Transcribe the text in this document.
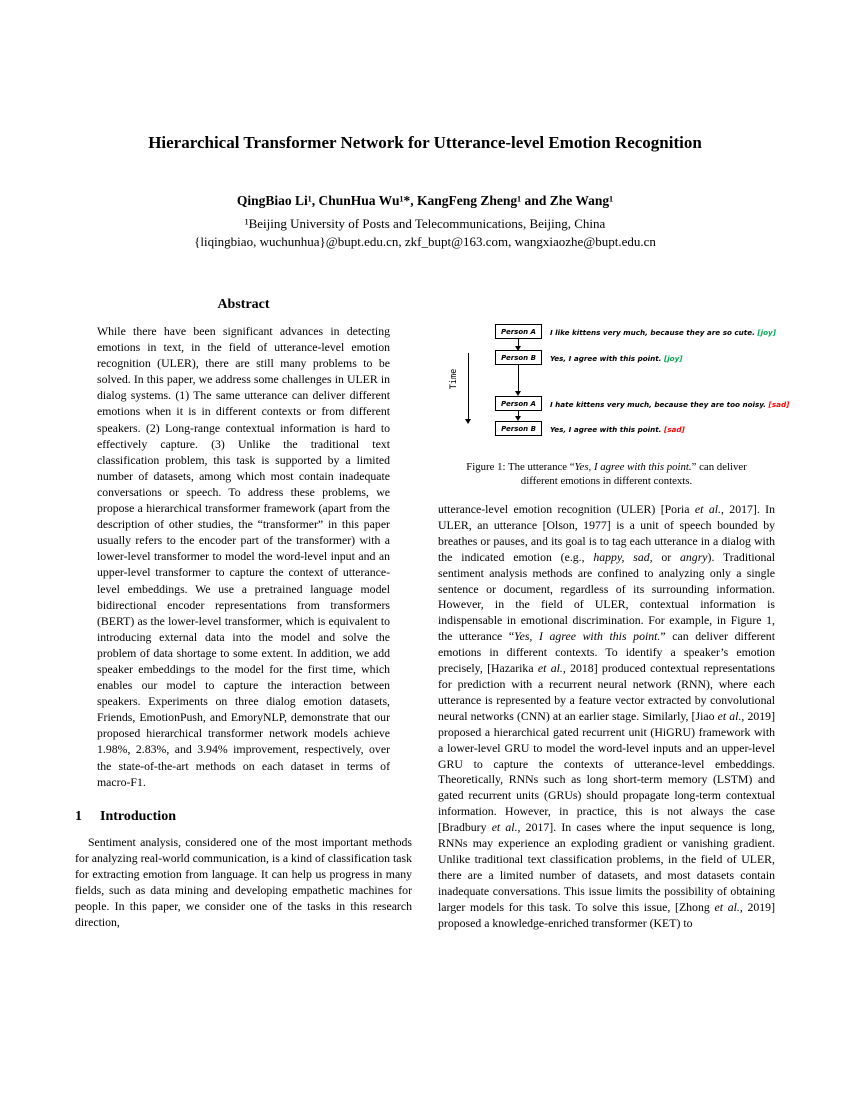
Hierarchical Transformer Network for Utterance-level Emotion Recognition
QingBiao Li¹, ChunHua Wu¹*, KangFeng Zheng¹ and Zhe Wang¹
¹Beijing University of Posts and Telecommunications, Beijing, China
{liqingbiao, wuchunhua}@bupt.edu.cn, zkf_bupt@163.com, wangxiaozhe@bupt.edu.cn
Abstract

While there have been significant advances in detecting emotions in text, in the field of utterance-level emotion recognition (ULER), there are still many problems to be solved. In this paper, we address some challenges in ULER in dialog systems. (1) The same utterance can deliver different emotions when it is in different contexts or from different speakers. (2) Long-range contextual information is hard to effectively capture. (3) Unlike the traditional text classification problem, this task is supported by a limited number of datasets, among which most contain inadequate conversations or speech. To address these problems, we propose a hierarchical transformer framework (apart from the description of other studies, the “transformer” in this paper usually refers to the encoder part of the transformer) with a lower-level transformer to model the word-level input and an upper-level transformer to capture the context of utterance-level embeddings. We use a pretrained language model bidirectional encoder representations from transformers (BERT) as the lower-level transformer, which is equivalent to introducing external data into the model and solve the problem of data shortage to some extent. In addition, we add speaker embeddings to the model for the first time, which enables our model to capture the interaction between speakers. Experiments on three dialog emotion datasets, Friends, EmotionPush, and EmoryNLP, demonstrate that our proposed hierarchical transformer network models achieve 1.98%, 2.83%, and 3.94% improvement, respectively, over the state-of-the-art methods on each dataset in terms of macro-F1.

1 Introduction

Sentiment analysis, considered one of the most important methods for analyzing real-world communication, is a kind of classification task for extracting emotion from language. It can help us progress in many fields, such as data mining and developing empathetic machines for people. In this paper, we consider one of the tasks in this research direction,

Time
Person A	I like kittens very much, because they are so cute. [joy]
Person B	Yes, I agree with this point. [joy]
Person A	I hate kittens very much, because they are too noisy. [sad]
Person B	Yes, I agree with this point. [sad]
Figure 1: The utterance “Yes, I agree with this point.” can deliver different emotions in different contexts.
utterance-level emotion recognition (ULER) [Poria et al., 2017]. In ULER, an utterance [Olson, 1977] is a unit of speech bounded by breathes or pauses, and its goal is to tag each utterance in a dialog with the indicated emotion (e.g., happy, sad, or angry). Traditional sentiment analysis methods are confined to analyzing only a single sentence or document, regardless of its surrounding information. However, in the field of ULER, contextual information is indispensable in emotional discrimination. For example, in Figure 1, the utterance “Yes, I agree with this point.” can deliver different emotions in different contexts. To identify a speaker’s emotion precisely, [Hazarika et al., 2018] produced contextual representations for prediction with a recurrent neural network (RNN), where each utterance is represented by a feature vector extracted by convolutional neural networks (CNN) at an earlier stage. Similarly, [Jiao et al., 2019] proposed a hierarchical gated recurrent unit (HiGRU) framework with a lower-level GRU to model the word-level inputs and an upper-level GRU to capture the contexts of utterance-level embeddings. Theoretically, RNNs such as long short-term memory (LSTM) and gated recurrent units (GRUs) should propagate long-term contextual information. However, in practice, this is not always the case [Bradbury et al., 2017]. In cases where the input sequence is long, RNNs may experience an exploding gradient or vanishing gradient. Unlike traditional text classification problems, in the field of ULER, there are a limited number of datasets, and most datasets contain inadequate conversations. This issue limits the possibility of obtaining larger models for this task. To solve this issue, [Zhong et al., 2019] proposed a knowledge-enriched transformer (KET) to
